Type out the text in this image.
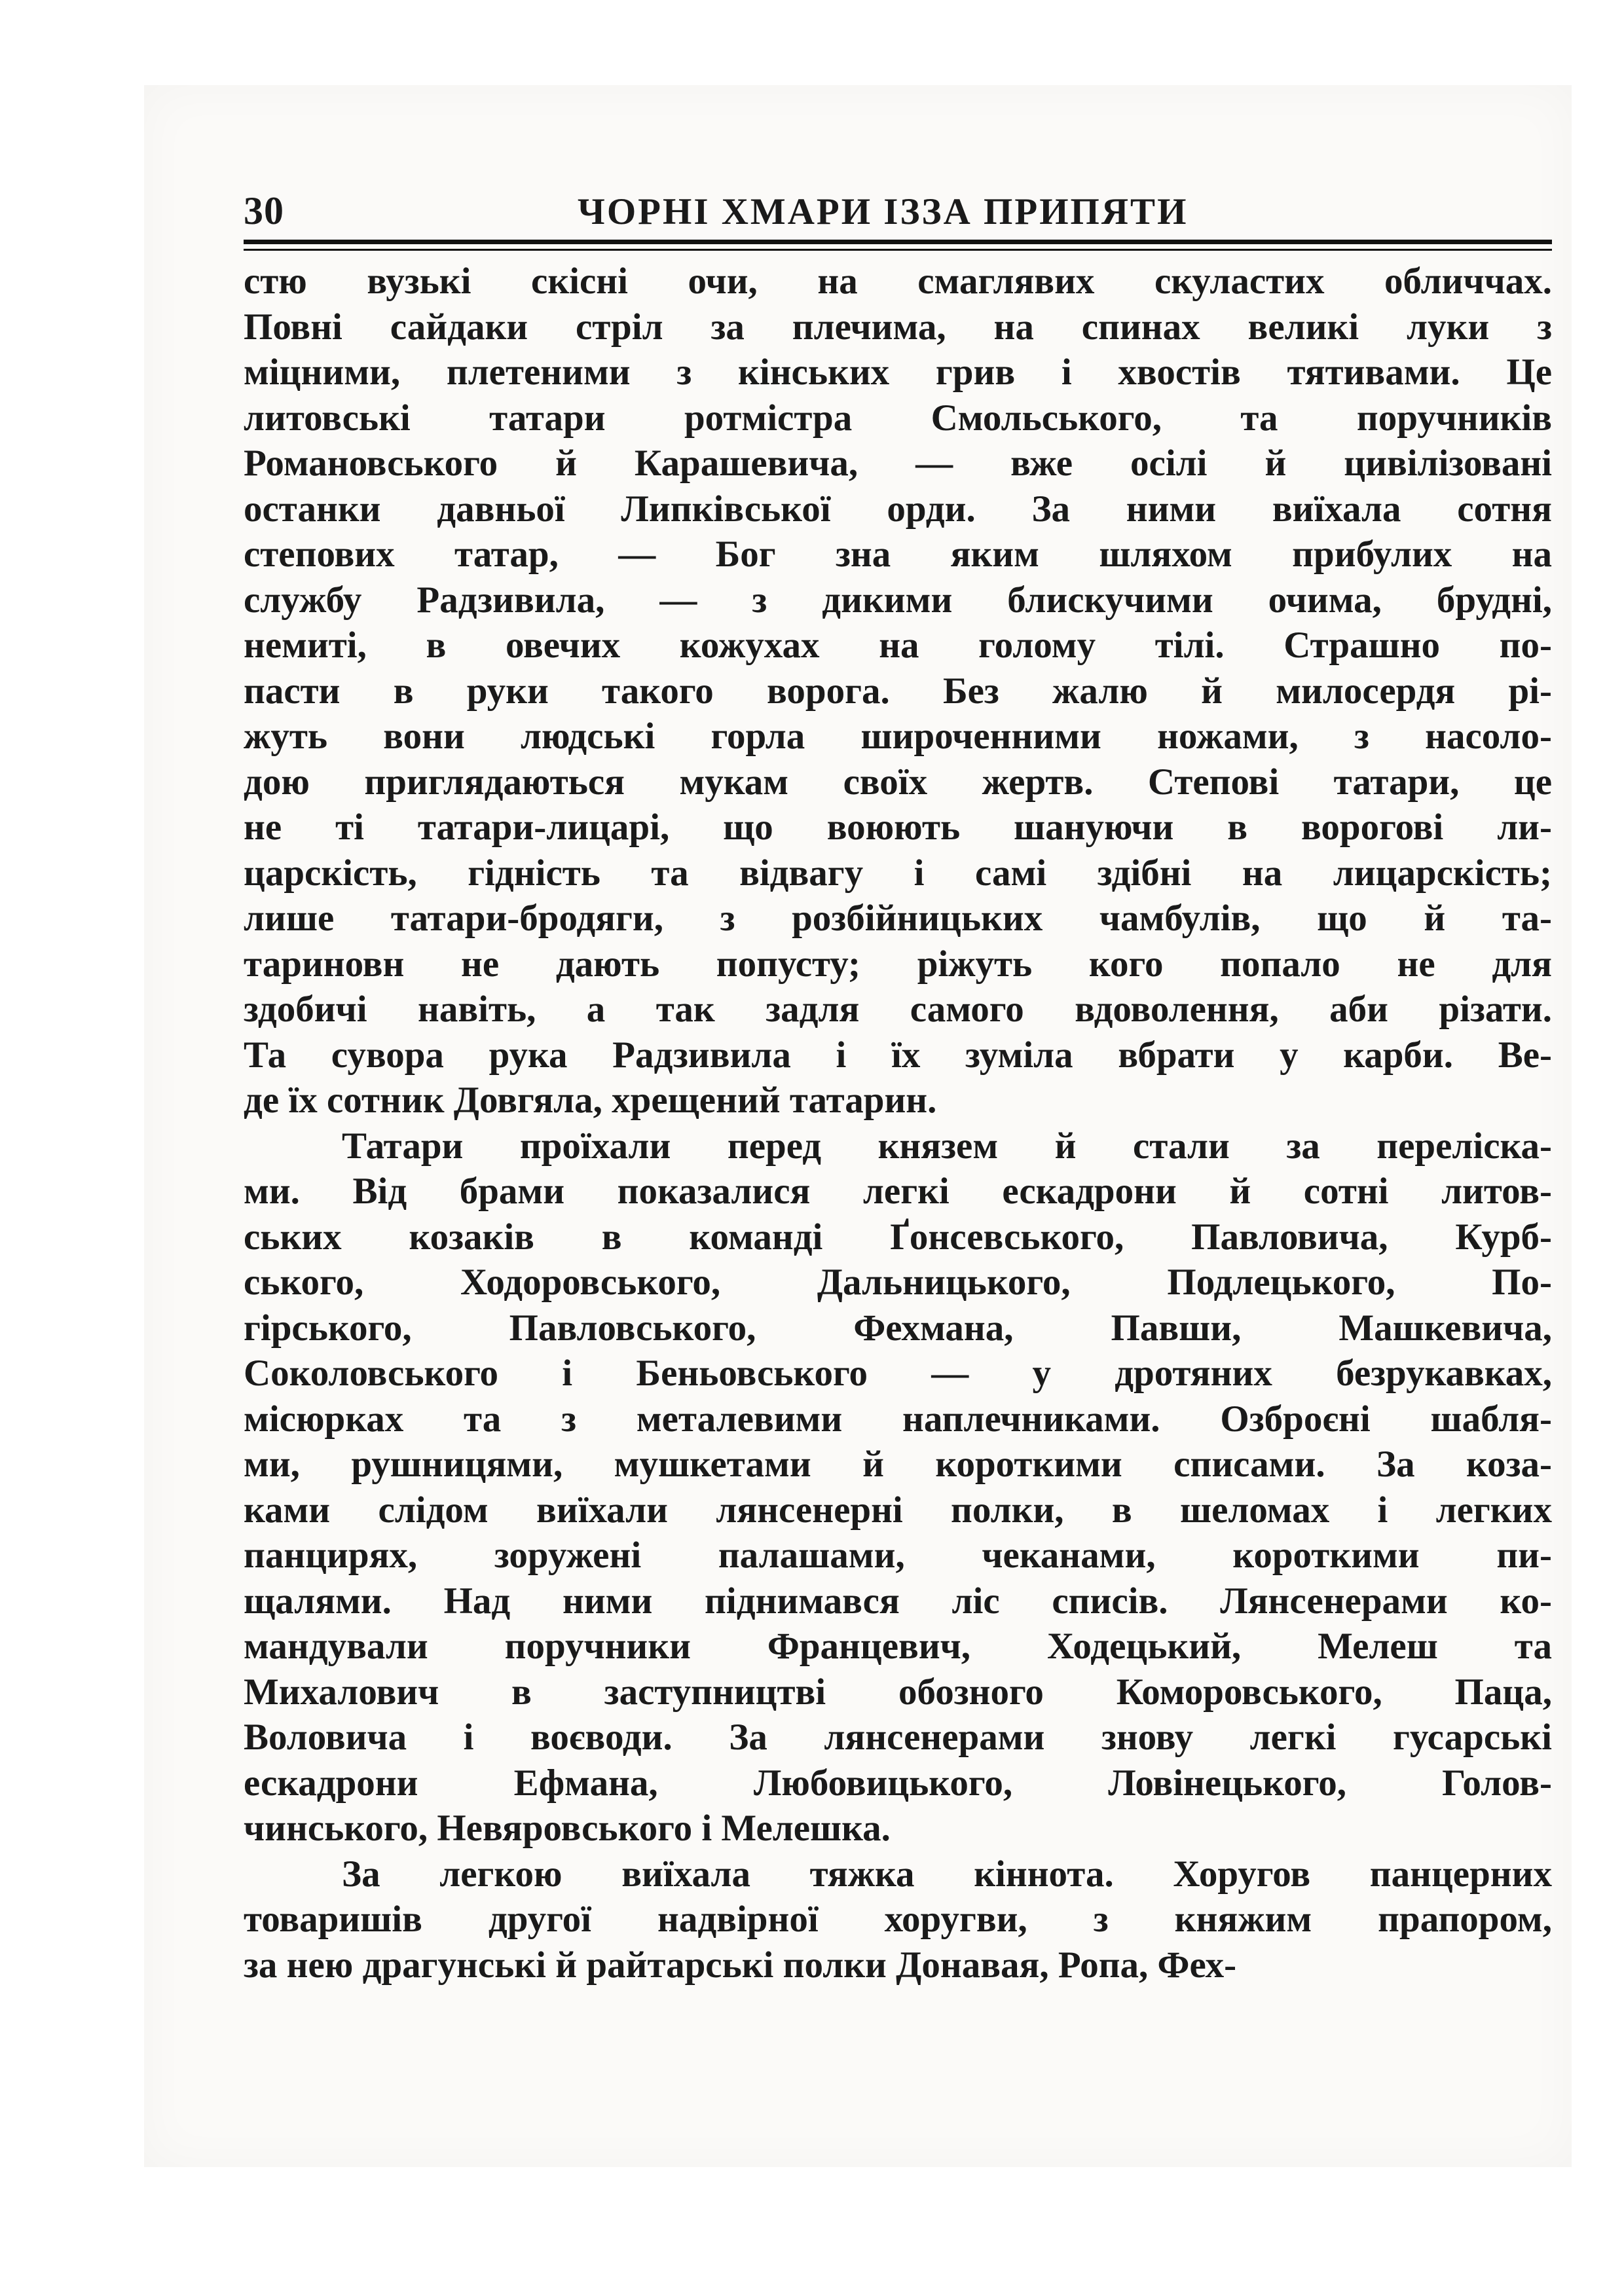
30	ЧОРНІ ХМАРИ ІЗЗА ПРИПЯТИ

стю вузькі скісні очи, на смаглявих скуластих обличчах.
Повні сайдаки стріл за плечима, на спинах великі луки з
міцними, плетеними з кінських грив і хвостів тятивами. Це
литовські татари ротмістра Смольського, та поручників
Романовського й Карашевича, — вже осілі й цивілізовані
останки давньої Липківської орди. За ними виїхала сотня
степових татар, — Бог зна яким шляхом прибулих на
службу Радзивила, — з дикими блискучими очима, брудні,
немиті, в овечих кожухах на голому тілі. Страшно по-
пасти в руки такого ворога. Без жалю й милосердя рі-
жуть вони людські горла широченними ножами, з насоло-
дою приглядаються мукам своїх жертв. Степові татари, це
не ті татари-лицарі, що воюють шануючи в ворогові ли-
царскість, гідність та відвагу і самі здібні на лицарскість;
лише татари-бродяги, з розбійницьких чамбулів, що й та-
тариновн не дають попусту; ріжуть кого попало не для
здобичі навіть, а так задля самого вдоволення, аби різати.
Та сувора рука Радзивила і їх зуміла вбрати у карби. Ве-
де їх сотник Довгяла, хрещений татарин.

Татари проїхали перед князем й стали за переліска-
ми. Від брами показалися легкі ескадрони й сотні литов-
ських козаків в команді Ґонсевського, Павловича, Курб-
ського, Ходоровського, Дальницького, Подлецького, По-
гірського, Павловського, Фехмана, Павши, Машкевича,
Соколовського і Беньовського — у дротяних безрукавках,
місюрках та з металевими наплечниками. Озброєні шабля-
ми, рушницями, мушкетами й короткими списами. За коза-
ками слідом виїхали лянсенерні полки, в шеломах і легких
панцирях, зоружені палашами, чеканами, короткими пи-
щалями. Над ними піднимався ліс списів. Лянсенерами ко-
мандували поручники Францевич, Ходецький, Мелеш та
Михалович в заступництві обозного Коморовського, Паца,
Воловича і воєводи. За лянсенерами знову легкі гусарські
ескадрони Ефмана, Любовицького, Ловінецького, Голов-
чинського, Невяровського і Мелешка.

За легкою виїхала тяжка кіннота. Хоругов панцерних
товаришів другої надвірної хоругви, з княжим прапором,
за нею драгунські й райтарські полки Донавая, Ропа, Фех-
